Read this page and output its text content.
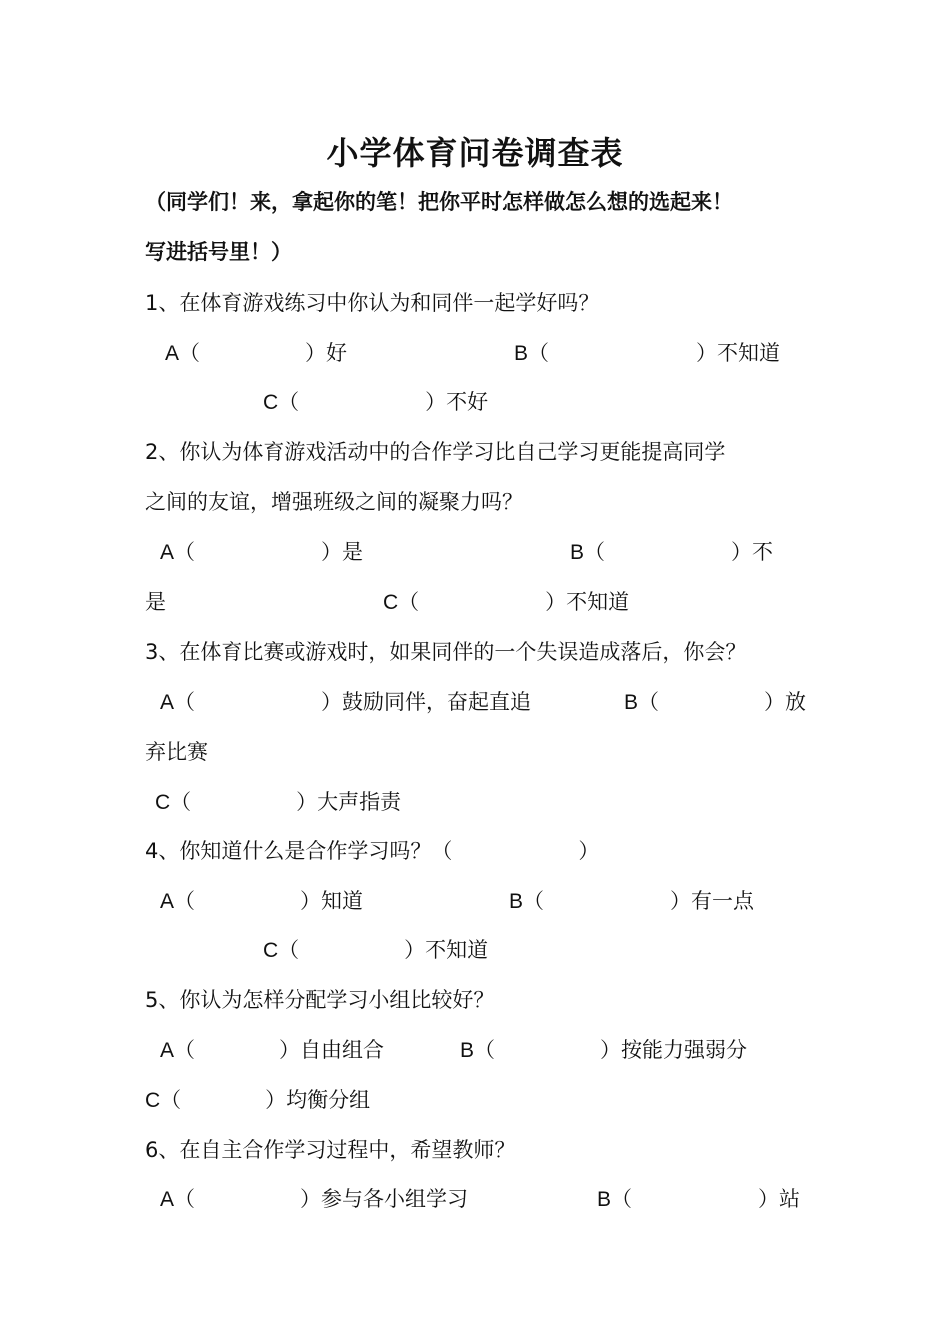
小学体育问卷调查表
（同学们！来，拿起你的笔！把你平时怎样做怎么想的选起来！
写进括号里！）
1、在体育游戏练习中你认为和同伴一起学好吗？
A（　　　　　）好	B（　　　　　　　）不知道
C（　　　　　　）不好
2、你认为体育游戏活动中的合作学习比自己学习更能提高同学
之间的友谊，增强班级之间的凝聚力吗？
A（　　　　　　）是	B（　　　　　　）不
是	C（　　　　　　）不知道
3、在体育比赛或游戏时，如果同伴的一个失误造成落后，你会？
A（　　　　　　）鼓励同伴，奋起直追	B（　　　　　）放
弃比赛
C（　　　　　）大声指责
4、你知道什么是合作学习吗？（　　　　　　）
A（　　　　　）知道	B（　　　　　　）有一点
C（　　　　　）不知道
5、你认为怎样分配学习小组比较好？
A（　　　　）自由组合	B（　　　　　）按能力强弱分
C（　　　　）均衡分组
6、在自主合作学习过程中，希望教师？
A（　　　　　）参与各小组学习	B（　　　　　　）站
